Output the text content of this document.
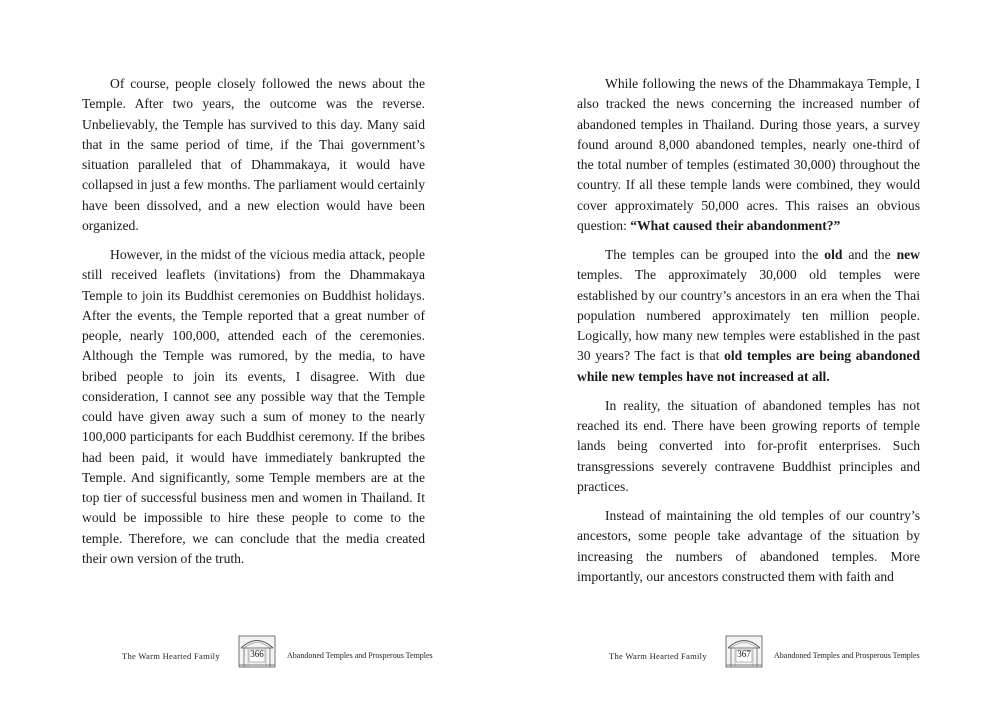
Of course, people closely followed the news about the Temple. After two years, the outcome was the reverse. Unbelievably, the Temple has survived to this day. Many said that in the same period of time, if the Thai government’s situation paralleled that of Dhammakaya, it would have collapsed in just a few months. The parliament would certainly have been dissolved, and a new election would have been organized.

However, in the midst of the vicious media attack, people still received leaflets (invitations) from the Dhammakaya Temple to join its Buddhist ceremonies on Buddhist holidays. After the events, the Temple reported that a great number of people, nearly 100,000, attended each of the ceremonies. Although the Temple was rumored, by the media, to have bribed people to join its events, I disagree. With due consideration, I cannot see any possible way that the Temple could have given away such a sum of money to the nearly 100,000 participants for each Buddhist ceremony. If the bribes had been paid, it would have immediately bankrupted the Temple. And significantly, some Temple members are at the top tier of successful business men and women in Thailand. It would be impossible to hire these people to come to the temple. Therefore, we can conclude that the media created their own version of the truth.

While following the news of the Dhammakaya Temple, I also tracked the news concerning the increased number of abandoned temples in Thailand. During those years, a survey found around 8,000 abandoned temples, nearly one-third of the total number of temples (estimated 30,000) throughout the country. If all these temple lands were combined, they would cover approximately 50,000 acres. This raises an obvious question: “What caused their abandonment?”

The temples can be grouped into the old and the new temples. The approximately 30,000 old temples were established by our country’s ancestors in an era when the Thai population numbered approximately ten million people. Logically, how many new temples were established in the past 30 years? The fact is that old temples are being abandoned while new temples have not increased at all.

In reality, the situation of abandoned temples has not reached its end. There have been growing reports of temple lands being converted into for-profit enterprises. Such transgressions severely contravene Buddhist principles and practices.

Instead of maintaining the old temples of our country’s ancestors, some people take advantage of the situation by increasing the numbers of abandoned temples. More importantly, our ancestors constructed them with faith and

The Warm Hearted Family	366	Abandoned Temples and Prosperous Temples	The Warm Hearted Family	367	Abandoned Temples and Prosperous Temples
